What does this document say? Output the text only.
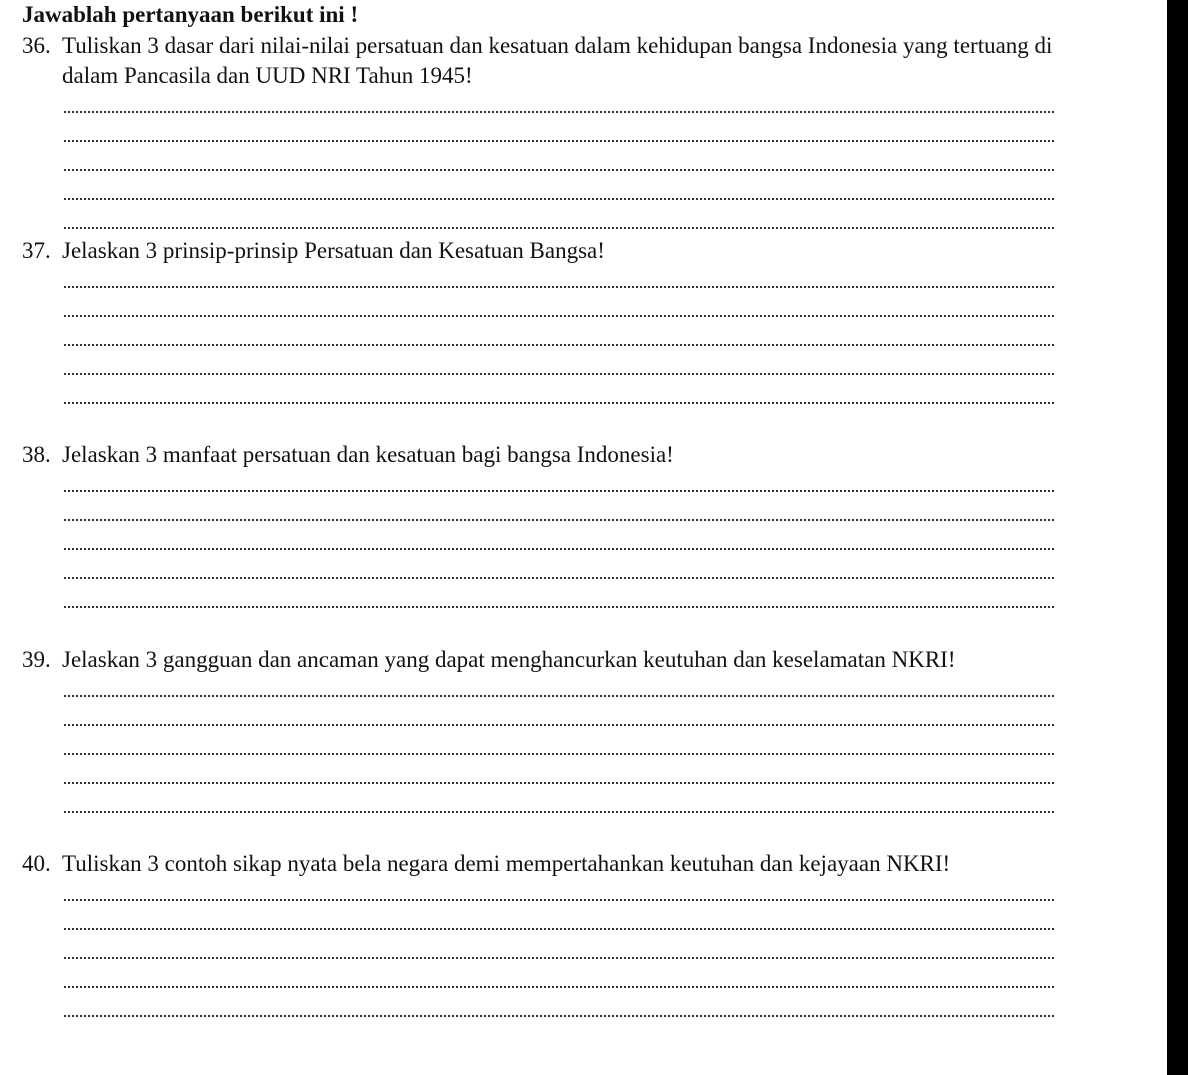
Jawablah pertanyaan berikut ini !
36. Tuliskan 3 dasar dari nilai-nilai persatuan dan kesatuan dalam kehidupan bangsa Indonesia yang tertuang di dalam Pancasila dan UUD NRI Tahun 1945!
37. Jelaskan 3 prinsip-prinsip Persatuan dan Kesatuan Bangsa!
38. Jelaskan 3 manfaat persatuan dan kesatuan bagi bangsa Indonesia!
39. Jelaskan 3 gangguan dan ancaman yang dapat menghancurkan keutuhan dan keselamatan NKRI!
40. Tuliskan 3 contoh sikap nyata bela negara demi mempertahankan keutuhan dan kejayaan NKRI!
